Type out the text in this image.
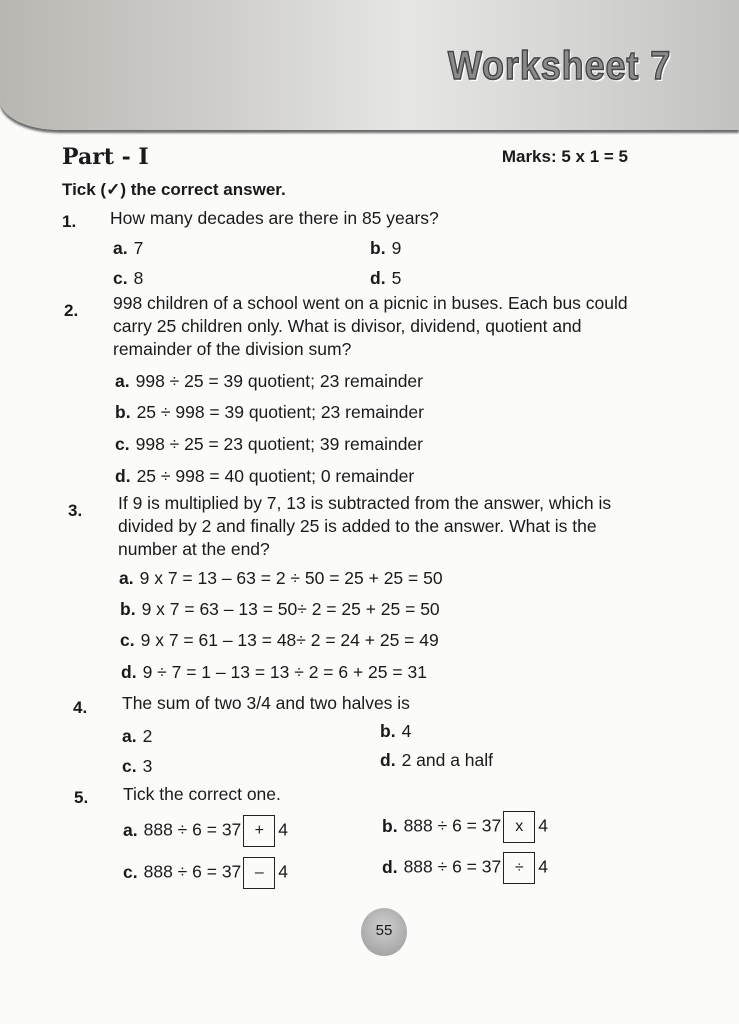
Worksheet 7
Part - I	Marks: 5 x 1 = 5
Tick (✓) the correct answer.
1. How many decades are there in 85 years?
a. 7	b. 9
c. 8	d. 5
2. 998 children of a school went on a picnic in buses. Each bus could
carry 25 children only. What is divisor, dividend, quotient and
remainder of the division sum?
a. 998 ÷ 25 = 39 quotient; 23 remainder
b. 25 ÷ 998 = 39 quotient; 23 remainder
c. 998 ÷ 25 = 23 quotient; 39 remainder
d. 25 ÷ 998 = 40 quotient; 0 remainder
3. If 9 is multiplied by 7, 13 is subtracted from the answer, which is
divided by 2 and finally 25 is added to the answer. What is the
number at the end?
a. 9 x 7 = 13 – 63 = 2 ÷ 50 = 25 + 25 = 50
b. 9 x 7 = 63 – 13 = 50÷ 2 = 25 + 25 = 50
c. 9 x 7 = 61 – 13 = 48÷ 2 = 24 + 25 = 49
d. 9 ÷ 7 = 1 – 13 = 13 ÷ 2 = 6 + 25 = 31
4. The sum of two 3/4 and two halves is
a. 2	b. 4
c. 3	d. 2 and a half
5. Tick the correct one.
a. 888 ÷ 6 = 37 + 4	b. 888 ÷ 6 = 37 x 4
c. 888 ÷ 6 = 37 – 4	d. 888 ÷ 6 = 37 ÷ 4
55
